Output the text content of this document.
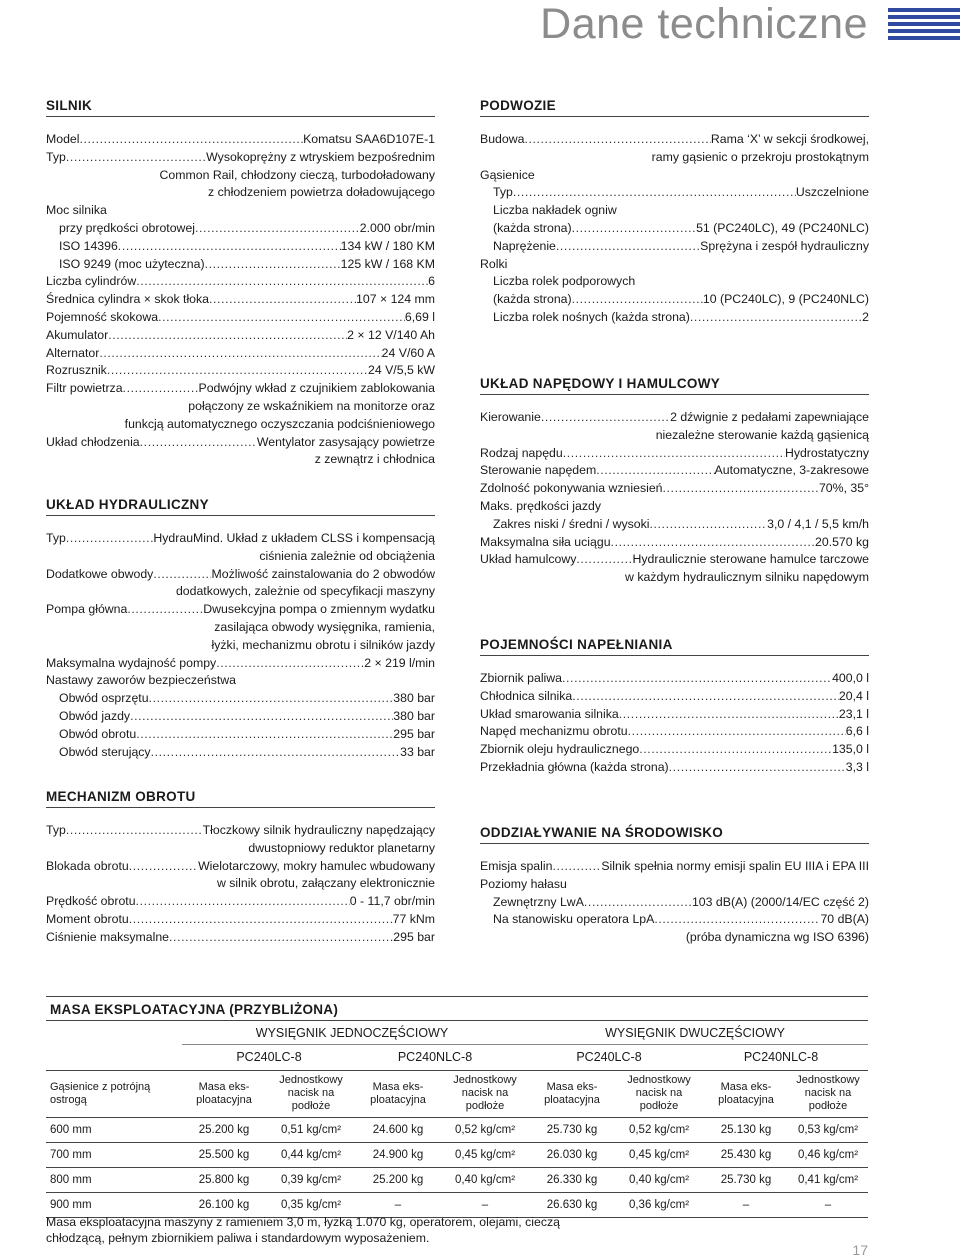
Dane techniczne
SILNIK
Model .....	Komatsu SAA6D107E-1
Typ .....	Wysokoprężny z wtryskiem bezpośrednim
Common Rail, chłodzony cieczą, turbodoładowany
z chłodzeniem powietrza doładowującego
Moc silnika
przy prędkości obrotowej .....	2.000 obr/min
ISO 14396 .....	134 kW / 180 KM
ISO 9249 (moc użyteczna) .....	125 kW / 168 KM
Liczba cylindrów .....	6
Średnica cylindra × skok tłoka .....	107 × 124 mm
Pojemność skokowa .....	6,69 l
Akumulator .....	2 × 12 V/140 Ah
Alternator .....	24 V/60 A
Rozrusznik .....	24 V/5,5 kW
Filtr powietrza .....	Podwójny wkład z czujnikiem zablokowania
połączony ze wskaźnikiem na monitorze oraz
funkcją automatycznego oczyszczania podciśnieniowego
Układ chłodzenia .....	Wentylator zasysający powietrze
z zewnątrz i chłodnica
UKŁAD HYDRAULICZNY
Typ .....	HydrauMind. Układ z układem CLSS i kompensacją
ciśnienia zależnie od obciążenia
Dodatkowe obwody .....	Możliwość zainstalowania do 2 obwodów
dodatkowych, zależnie od specyfikacji maszyny
Pompa główna .....	Dwusekcyjna pompa o zmiennym wydatku
zasilająca obwody wysięgnika, ramienia,
łyżki, mechanizmu obrotu i silników jazdy
Maksymalna wydajność pompy .....	2 × 219 l/min
Nastawy zaworów bezpieczeństwa
Obwód osprzętu .....	380 bar
Obwód jazdy .....	380 bar
Obwód obrotu .....	295 bar
Obwód sterujący .....	33 bar
MECHANIZM OBROTU
Typ .....	Tłoczkowy silnik hydrauliczny napędzający
dwustopniowy reduktor planetarny
Blokada obrotu .....	Wielotarczowy, mokry hamulec wbudowany
w silnik obrotu, załączany elektronicznie
Prędkość obrotu .....	0 - 11,7 obr/min
Moment obrotu .....	77 kNm
Ciśnienie maksymalne .....	295 bar
PODWOZIE
Budowa .....	Rama ‘X’ w sekcji środkowej,
ramy gąsienic o przekroju prostokątnym
Gąsienice
Typ .....	Uszczelnione
Liczba nakładek ogniw
(każda strona) .....	51 (PC240LC), 49 (PC240NLC)
Naprężenie .....	Sprężyna i zespół hydrauliczny
Rolki
Liczba rolek podporowych
(każda strona) .....	10 (PC240LC), 9 (PC240NLC)
Liczba rolek nośnych (każda strona) .....	2
UKŁAD NAPĘDOWY I HAMULCOWY
Kierowanie .....	2 dźwignie z pedałami zapewniające
niezależne sterowanie każdą gąsienicą
Rodzaj napędu .....	Hydrostatyczny
Sterowanie napędem .....	Automatyczne, 3-zakresowe
Zdolność pokonywania wzniesień .....	70%, 35°
Maks. prędkości jazdy
Zakres niski / średni / wysoki .....	3,0 / 4,1 / 5,5 km/h
Maksymalna siła uciągu .....	20.570 kg
Układ hamulcowy .....	Hydraulicznie sterowane hamulce tarczowe
w każdym hydraulicznym silniku napędowym
POJEMNOŚCI NAPEŁNIANIA
Zbiornik paliwa .....	400,0 l
Chłodnica silnika .....	20,4 l
Układ smarowania silnika .....	23,1 l
Napęd mechanizmu obrotu .....	6,6 l
Zbiornik oleju hydraulicznego .....	135,0 l
Przekładnia główna (każda strona) .....	3,3 l
ODDZIAŁYWANIE NA ŚRODOWISKO
Emisja spalin .....	Silnik spełnia normy emisji spalin EU IIIA i EPA III
Poziomy hałasu
Zewnętrzny LwA .....	103 dB(A) (2000/14/EC część 2)
Na stanowisku operatora LpA .....	70 dB(A)
(próba dynamiczna wg ISO 6396)
MASA EKSPLOATACYJNA (PRZYBLIŻONA)
WYSIĘGNIK JEDNOCZĘŚCIOWY	WYSIĘGNIK DWUCZĘŚCIOWY
PC240LC-8	PC240NLC-8	PC240LC-8	PC240NLC-8
Gąsienice z potrójną ostrogą	Masa eks-ploatacyjna	Jednostkowy nacisk na podłoże	Masa eks-ploatacyjna	Jednostkowy nacisk na podłoże	Masa eks-ploatacyjna	Jednostkowy nacisk na podłoże	Masa eks-ploatacyjna	Jednostkowy nacisk na podłoże

600 mm	25.200 kg	0,51 kg/cm²	24.600 kg	0,52 kg/cm²	25.730 kg	0,52 kg/cm²	25.130 kg	0,53 kg/cm²
700 mm	25.500 kg	0,44 kg/cm²	24.900 kg	0,45 kg/cm²	26.030 kg	0,45 kg/cm²	25.430 kg	0,46 kg/cm²
800 mm	25.800 kg	0,39 kg/cm²	25.200 kg	0,40 kg/cm²	26.330 kg	0,40 kg/cm²	25.730 kg	0,41 kg/cm²
900 mm	26.100 kg	0,35 kg/cm²	–	–	26.630 kg	0,36 kg/cm²	–	–
Masa eksploatacyjna maszyny z ramieniem 3,0 m, łyżką 1.070 kg, operatorem, olejami, cieczą chłodzącą, pełnym zbiornikiem paliwa i standardowym wyposażeniem.
17
